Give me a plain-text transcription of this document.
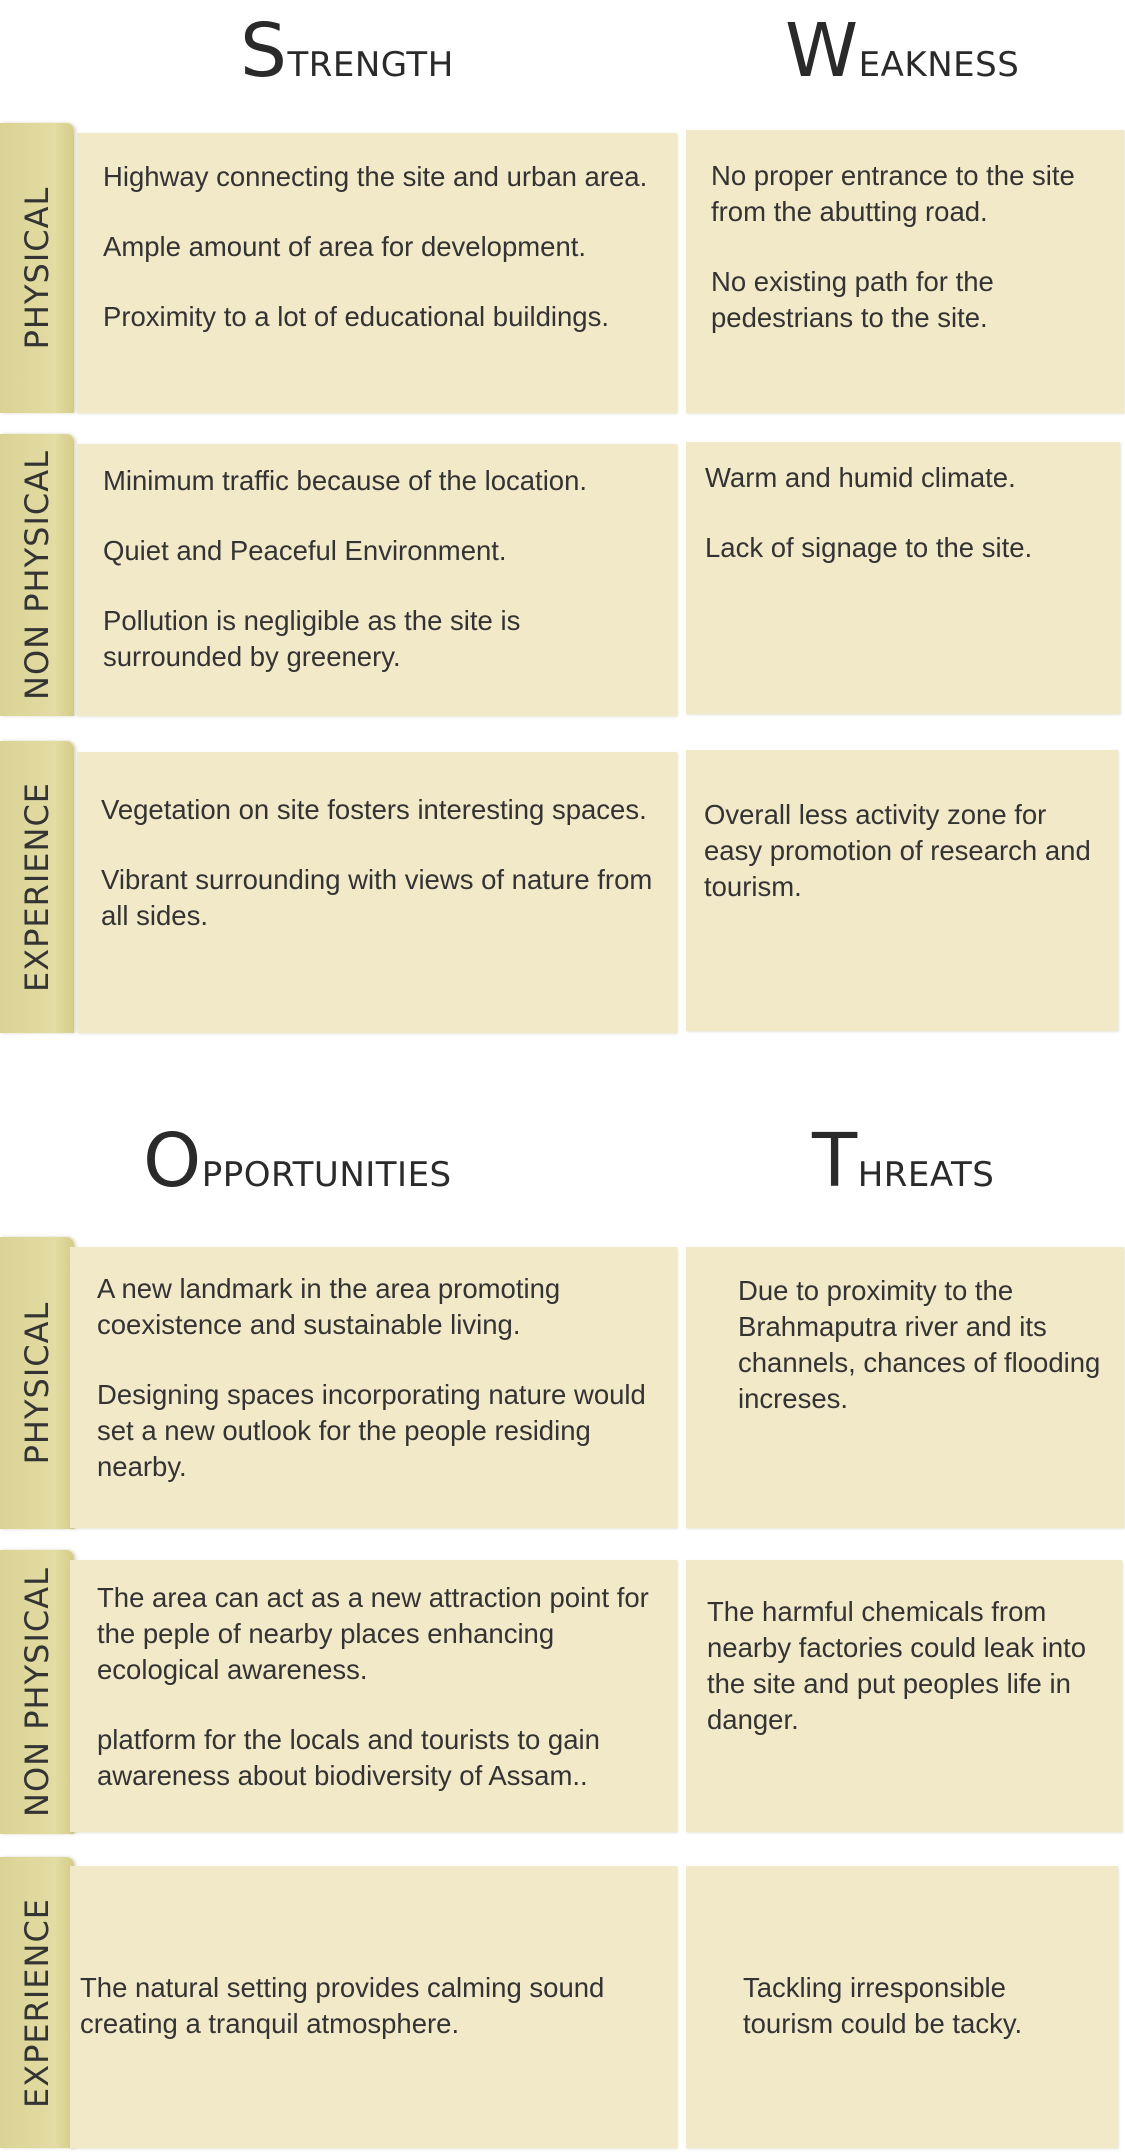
STRENGTH	WEAKNESS
OPPORTUNITIES	THREATS
PHYSICAL
NON PHYSICAL
EXPERIENCE

Highway connecting the site and urban area.

Ample amount of area for development.

Proximity to a lot of educational buildings.

No proper entrance to the site from the abutting road.

No existing path for the pedestrians to the site.

Minimum traffic because of the location.

Quiet and Peaceful Environment.

Pollution is negligible as the site is surrounded by greenery.

Warm and humid climate.

Lack of signage to the site.

Vegetation on site fosters interesting spaces.

Vibrant surrounding with views of nature from all sides.

Overall less activity zone for easy promotion of research and tourism.

PHYSICAL
NON PHYSICAL
EXPERIENCE

A new landmark in the area promoting coexistence and sustainable living.

Designing spaces incorporating nature would set a new outlook for the people residing nearby.

Due to proximity to the Brahmaputra river and its channels, chances of flooding increses.

The area can act as a new attraction point for the peple of nearby places enhancing ecological awareness.

platform for the locals and tourists to gain awareness about biodiversity of Assam..

The harmful chemicals from nearby factories could leak into the site and put peoples life in danger.

The natural setting provides calming sound creating a tranquil atmosphere.

Tackling irresponsible tourism could be tacky.
